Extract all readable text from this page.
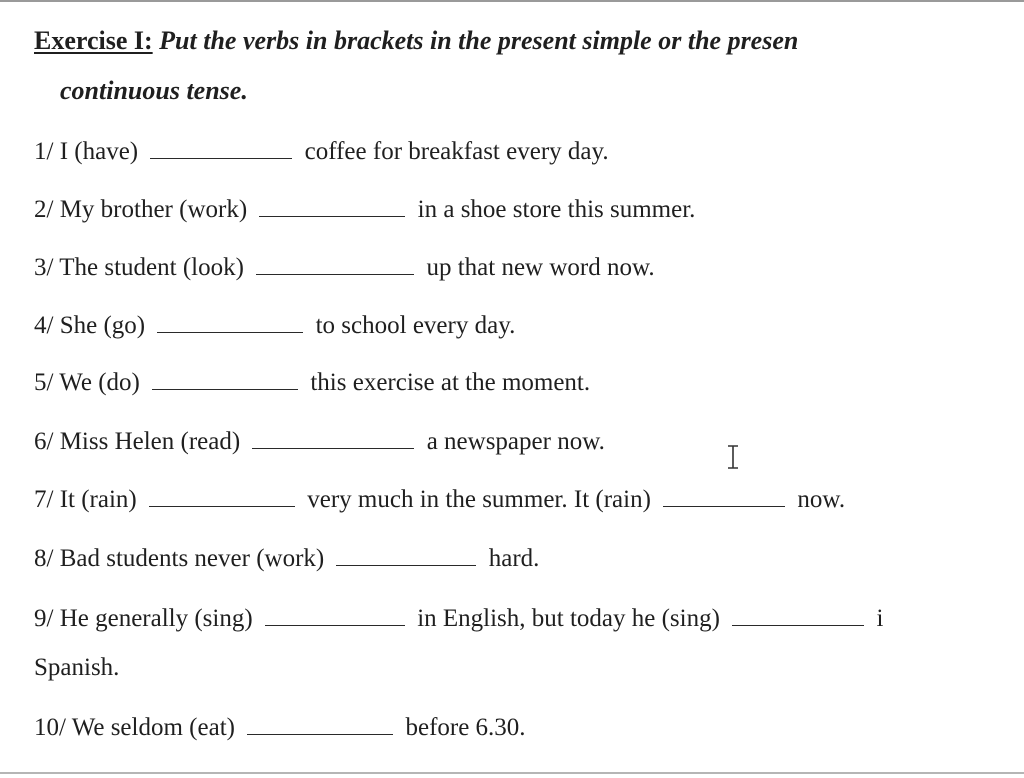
Exercise I: Put the verbs in brackets in the present simple or the presen
continuous tense.
1/ I (have)	coffee for breakfast every day.
2/ My brother (work)	in a shoe store this summer.
3/ The student (look)	up that new word now.
4/ She (go)	to school every day.
5/ We (do)	this exercise at the moment.
6/ Miss Helen (read)	a newspaper now.
7/ It (rain)	very much in the summer. It (rain)	now.
8/ Bad students never (work)	hard.
9/ He generally (sing)	in English, but today he (sing)	i
Spanish.
10/ We seldom (eat)	before 6.30.
